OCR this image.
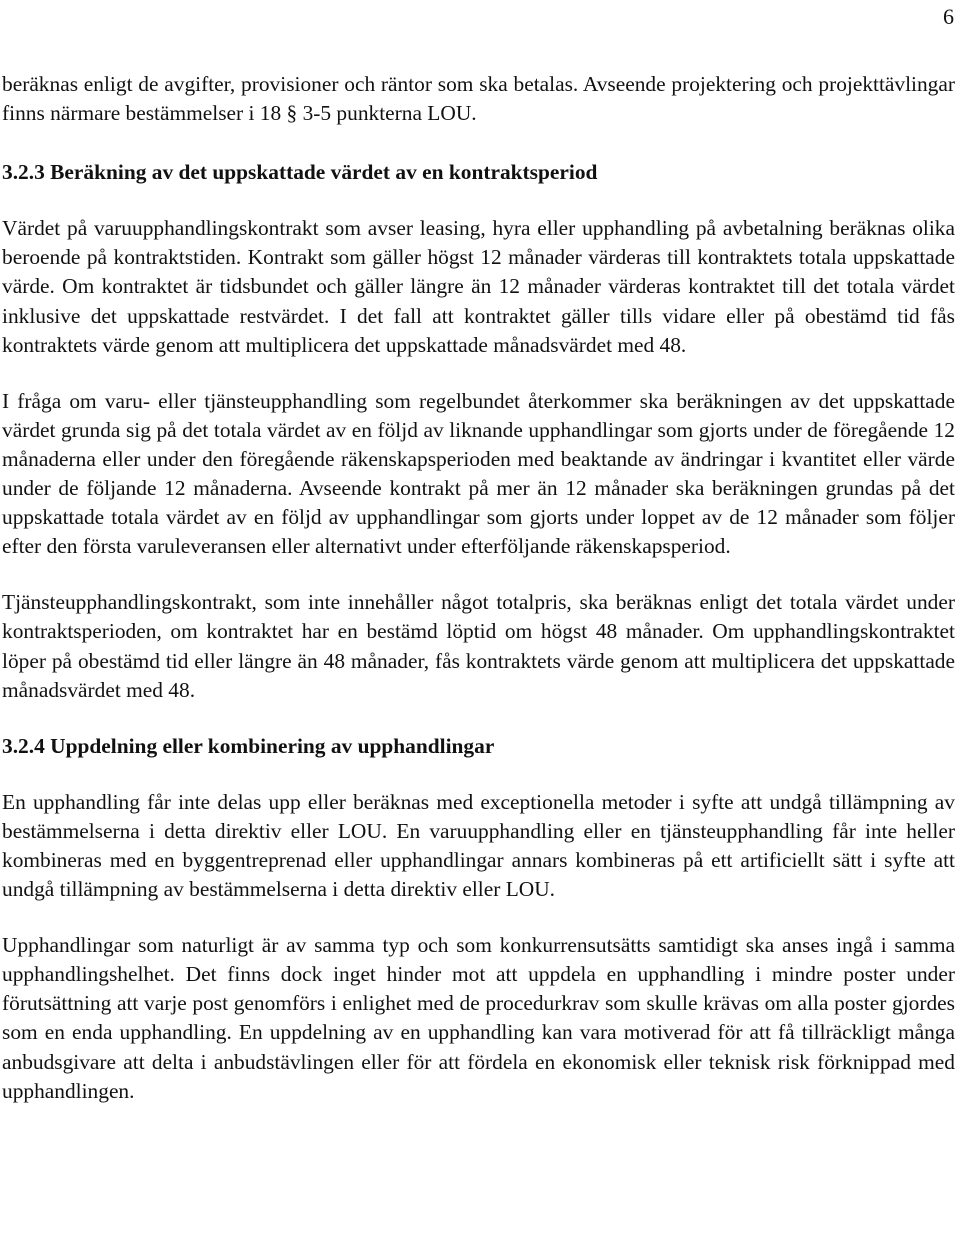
6

beräknas enligt de avgifter, provisioner och räntor som ska betalas. Avseende projektering och projekttävlingar finns närmare bestämmelser i 18 § 3-5 punkterna LOU.

3.2.3 Beräkning av det uppskattade värdet av en kontraktsperiod

Värdet på varuupphandlingskontrakt som avser leasing, hyra eller upphandling på avbetalning beräknas olika beroende på kontraktstiden. Kontrakt som gäller högst 12 månader värderas till kontraktets totala uppskattade värde. Om kontraktet är tidsbundet och gäller längre än 12 månader värderas kontraktet till det totala värdet inklusive det uppskattade restvärdet. I det fall att kontraktet gäller tills vidare eller på obestämd tid fås kontraktets värde genom att multiplicera det uppskattade månadsvärdet med 48.

I fråga om varu- eller tjänsteupphandling som regelbundet återkommer ska beräkningen av det uppskattade värdet grunda sig på det totala värdet av en följd av liknande upphandlingar som gjorts under de föregående 12 månaderna eller under den föregående räkenskapsperioden med beaktande av ändringar i kvantitet eller värde under de följande 12 månaderna. Avseende kontrakt på mer än 12 månader ska beräkningen grundas på det uppskattade totala värdet av en följd av upphandlingar som gjorts under loppet av de 12 månader som följer efter den första varuleveransen eller alternativt under efterföljande räkenskapsperiod.

Tjänsteupphandlingskontrakt, som inte innehåller något totalpris, ska beräknas enligt det totala värdet under kontraktsperioden, om kontraktet har en bestämd löptid om högst 48 månader. Om upphandlingskontraktet löper på obestämd tid eller längre än 48 månader, fås kontraktets värde genom att multiplicera det uppskattade månadsvärdet med 48.

3.2.4 Uppdelning eller kombinering av upphandlingar

En upphandling får inte delas upp eller beräknas med exceptionella metoder i syfte att undgå tillämpning av bestämmelserna i detta direktiv eller LOU. En varuupphandling eller en tjänsteupphandling får inte heller kombineras med en byggentreprenad eller upphandlingar annars kombineras på ett artificiellt sätt i syfte att undgå tillämpning av bestämmelserna i detta direktiv eller LOU.

Upphandlingar som naturligt är av samma typ och som konkurrensutsätts samtidigt ska anses ingå i samma upphandlingshelhet. Det finns dock inget hinder mot att uppdela en upphandling i mindre poster under förutsättning att varje post genomförs i enlighet med de procedurkrav som skulle krävas om alla poster gjordes som en enda upphandling. En uppdelning av en upphandling kan vara motiverad för att få tillräckligt många anbudsgivare att delta i anbudstävlingen eller för att fördela en ekonomisk eller teknisk risk förknippad med upphandlingen.
